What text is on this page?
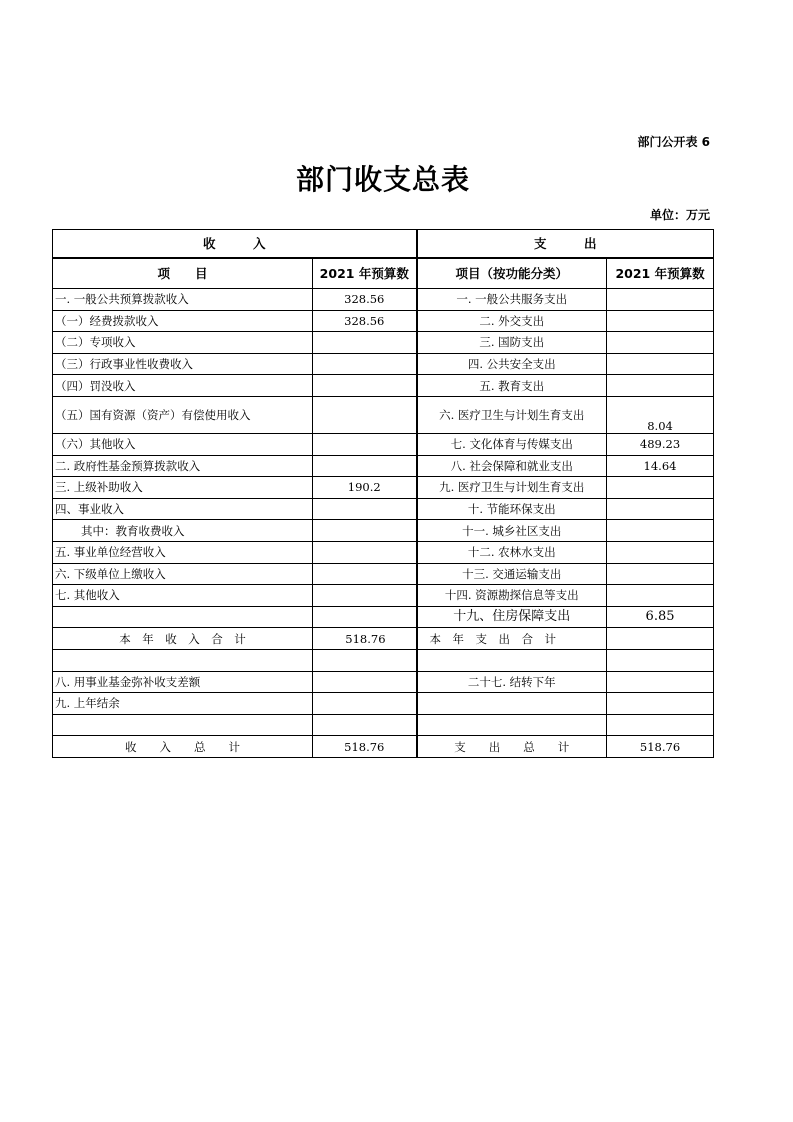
部门公开表 6
部门收支总表
单位：万元
收　　　入		支　　　出	
项　　目	2021 年预算数	项目（按功能分类）	2021 年预算数
一. 一般公共预算拨款收入	328.56	一. 一般公共服务支出	
（一）经费拨款收入	328.56	二. 外交支出	
（二）专项收入		三. 国防支出	
（三）行政事业性收费收入		四. 公共安全支出	
（四）罚没收入		五. 教育支出	
（五）国有资源（资产）有偿使用收入		六. 医疗卫生与计划生育支出	8.04
（六）其他收入		七. 文化体育与传媒支出	489.23
二. 政府性基金预算拨款收入		八. 社会保障和就业支出	14.64
三. 上级补助收入	190.2	九. 医疗卫生与计划生育支出	
四、事业收入		十. 节能环保支出	
其中：教育收费收入		十一. 城乡社区支出	
五. 事业单位经营收入		十二. 农林水支出	
六. 下级单位上缴收入		十三. 交通运输支出	
七. 其他收入		十四. 资源勘探信息等支出	
		十九、住房保障支出	6.85
本　年　收　入　合　计	518.76	本　年　支　出　合　计	

八. 用事业基金弥补收支差额		二十七. 结转下年	
九. 上年结余			

收　　入　　总　　计	518.76	支　　出　　总　　计	518.76
